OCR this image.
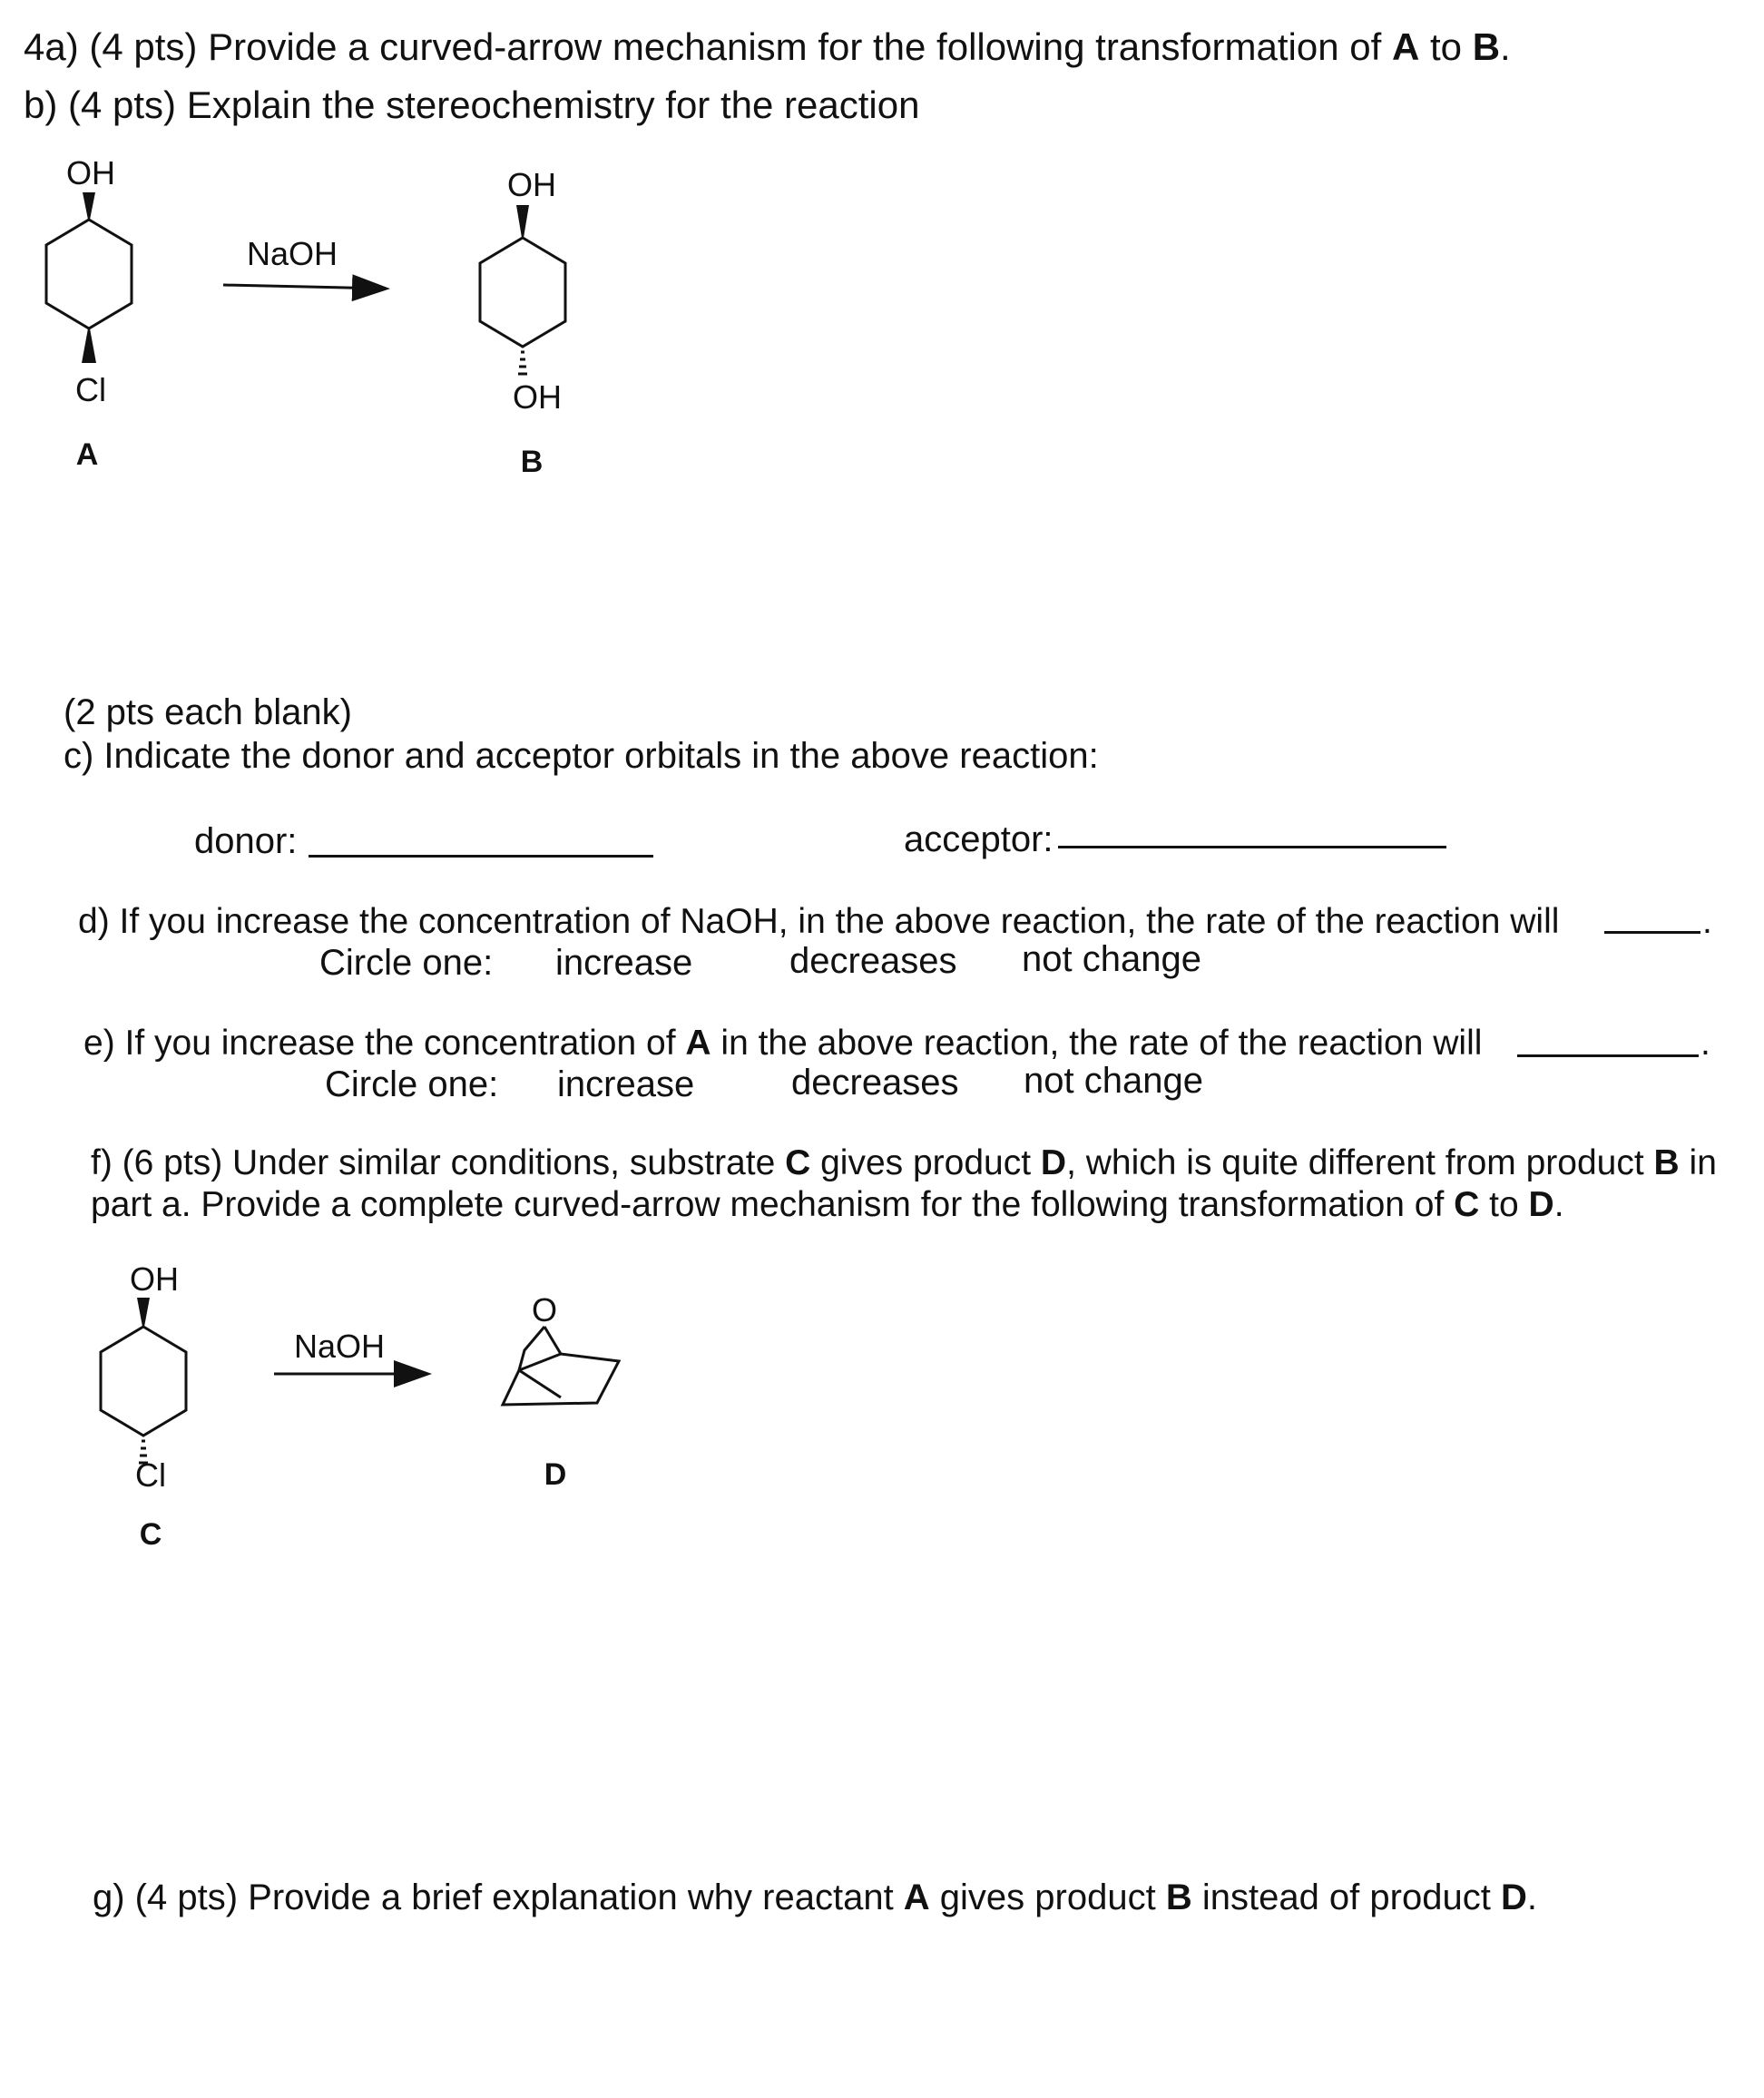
4a) (4 pts) Provide a curved-arrow mechanism for the following transformation of A to B.
b) (4 pts) Explain the stereochemistry for the reaction
OH
Cl
A
NaOH
OH
OH
B
OH
Cl
C
NaOH
O
D
(2 pts each blank)
c) Indicate the donor and acceptor orbitals in the above reaction:
donor:	acceptor:
d) If you increase the concentration of NaOH, in the above reaction, the rate of the reaction will	.
Circle one: increase	decreases not change
e) If you increase the concentration of A in the above reaction, the rate of the reaction will	.
Circle one: increase	decreases not change
f) (6 pts) Under similar conditions, substrate C gives product D, which is quite different from product B in
part a. Provide a complete curved-arrow mechanism for the following transformation of C to D.
g) (4 pts) Provide a brief explanation why reactant A gives product B instead of product D.
